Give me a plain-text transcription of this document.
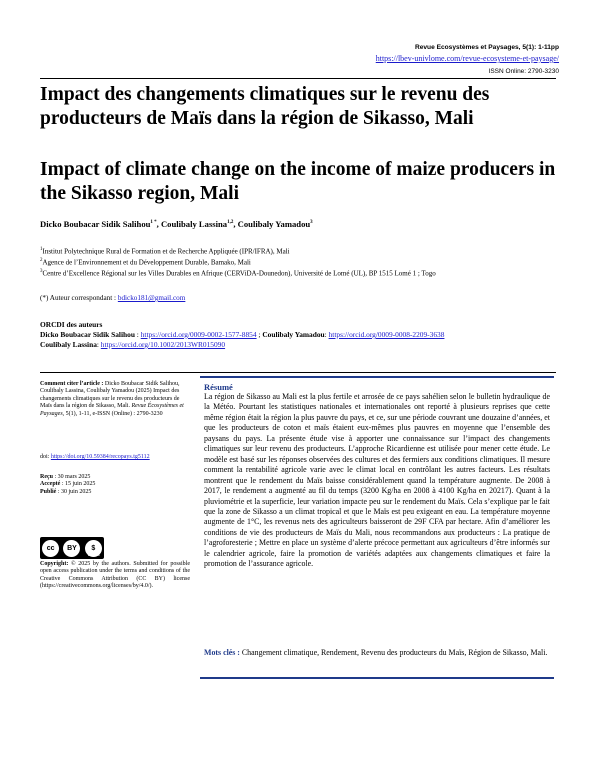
Revue Ecosystèmes et Paysages, 5(1): 1-11pp
https://lbev-univlome.com/revue-ecosysteme-et-paysage/
ISSN Online: 2790-3230
Impact des changements climatiques sur le revenu des producteurs de Maïs dans la région de Sikasso, Mali
Impact of climate change on the income of maize producers in the Sikasso region, Mali
Dicko Boubacar Sidik Salihou$^{1 *}$, Coulibaly Lassina$^{1,2}$, Coulibaly Yamadou$^3$
$^1$Institut Polytechnique Rural de Formation et de Recherche Appliquée (IPR/IFRA), Mali
$^2$Agence de l’Environnement et du Développement Durable, Bamako, Mali
$^3$Centre d’Excellence Régional sur les Villes Durables en Afrique (CERViDA-Dounedon), Université de Lomé (UL), BP 1515 Lomé 1 ; Togo
(*) Auteur correspondant : bdicko181@gmail.com
ORCDI des auteurs
Dicko Boubacar Sidik Salihou : https://orcid.org/0009-0002-1577-8854 ; Coulibaly Yamadou: https://orcid.org/0009-0008-2209-3638
Coulibaly Lassina: https://orcid.org/10.1002/2013WR015090
Comment citer l’article : Dicko Boubacar Sidik Salihou, Coulibaly Lassina, Coulibaly Yamadou (2025) Impact des changements climatiques sur le revenu des producteurs de Maïs dans la région de Sikasso, Mali. Revue Écosystèmes et Paysages, 5(1), 1-11, e-ISSN (Online) : 2790-3230
doi: https://doi.org/10.59384/recopays.tg5112
Reçu : 30 mars 2025
Accepté : 15 juin 2025
Publié : 30 juin 2025
cc	BY	$
BY NC
Copyright: © 2025 by the authors. Submitted for possible open access publication under the terms and conditions of the Creative Commons Attribution (CC BY) license (https://creativecommons.org/licenses/by/4.0/).
Résumé
La région de Sikasso au Mali est la plus fertile et arrosée de ce pays sahélien selon le bulletin hydraulique de la Météo. Pourtant les statistiques nationales et internationales ont reporté à plusieurs reprises que cette même région était la région la plus pauvre du pays, et ce, sur une période couvrant une douzaine d’années, et que les producteurs de coton et maïs étaient eux-mêmes plus pauvres en moyenne que l’ensemble des paysans du pays. La présente étude vise à apporter une connaissance sur l’impact des changements climatiques sur leur revenu des producteurs. L’approche Ricardienne est utilisée pour mener cette étude. Le modèle est basé sur les réponses observées des cultures et des fermiers aux conditions climatiques. Il mesure comment la rentabilité agricole varie avec le climat local en contrôlant les autres facteurs. Les résultats montrent que le rendement du Maïs baisse considérablement quand la température augmente. De 2008 à 2017, le rendement a augmenté au fil du temps (3200 Kg/ha en 2008 à 4100 Kg/ha en 20217). Quant à la pluviométrie et la superficie, leur variation impacte peu sur le rendement du Maïs. Cela s’explique par le fait que la zone de Sikasso a un climat tropical et que le Maïs est peu exigeant en eau. La température moyenne augmente de 1°C, les revenus nets des agriculteurs baisseront de 29F CFA par hectare. Afin d’améliorer les conditions de vie des producteurs de Maïs du Mali, nous recommandons aux producteurs : La pratique de l’agroforesterie ; Mettre en place un système d’alerte précoce permettant aux agriculteurs d’être informés sur le calendrier agricole, faire la promotion de variétés adaptées aux changements climatiques et faire la promotion de l’assurance agricole.
Mots clés : Changement climatique, Rendement, Revenu des producteurs du Maïs, Région de Sikasso, Mali.
